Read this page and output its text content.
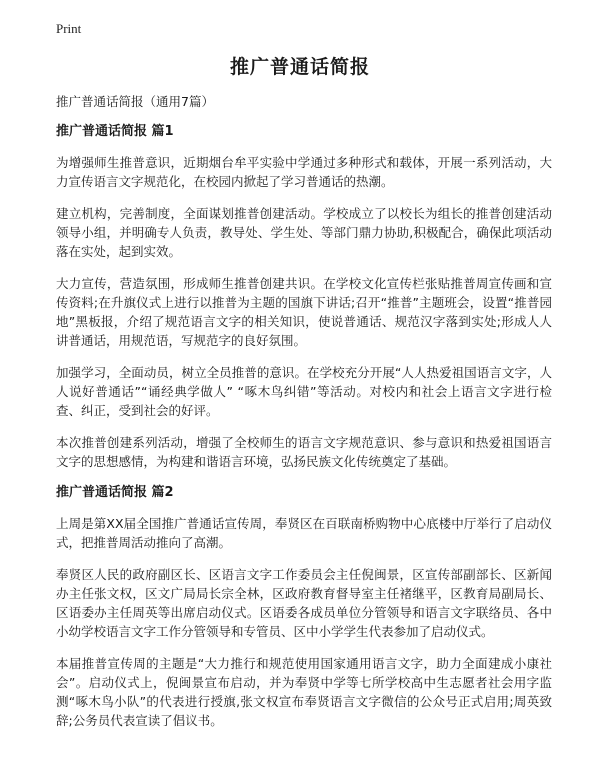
Print
推广普通话简报
推广普通话简报（通用7篇）
推广普通话简报 篇1

为增强师生推普意识，近期烟台牟平实验中学通过多种形式和载体，开展一系列活动，大力宣传语言文字规范化，在校园内掀起了学习普通话的热潮。

建立机构，完善制度，全面谋划推普创建活动。学校成立了以校长为组长的推普创建活动领导小组，并明确专人负责，教导处、学生处、等部门鼎力协助,积极配合，确保此项活动落在实处，起到实效。

大力宣传，营造氛围，形成师生推普创建共识。在学校文化宣传栏张贴推普周宣传画和宣传资料;在升旗仪式上进行以推普为主题的国旗下讲话;召开“推普”主题班会，设置“推普园地”黑板报，介绍了规范语言文字的相关知识，使说普通话、规范汉字落到实处;形成人人讲普通话，用规范语，写规范字的良好氛围。

加强学习，全面动员，树立全员推普的意识。在学校充分开展“人人热爱祖国语言文字，人人说好普通话”“诵经典学做人” “啄木鸟纠错”等活动。对校内和社会上语言文字进行检查、纠正，受到社会的好评。

本次推普创建系列活动，增强了全校师生的语言文字规范意识、参与意识和热爱祖国语言文字的思想感情，为构建和谐语言环境，弘扬民族文化传统奠定了基础。

推广普通话简报 篇2

上周是第XX届全国推广普通话宣传周，奉贤区在百联南桥购物中心底楼中厅举行了启动仪式，把推普周活动推向了高潮。

奉贤区人民的政府副区长、区语言文字工作委员会主任倪闽景，区宣传部副部长、区新闻办主任张文权，区文广局局长宗全林，区政府教育督导室主任褚继平，区教育局副局长、区语委办主任周英等出席启动仪式。区语委各成员单位分管领导和语言文字联络员、各中小幼学校语言文字工作分管领导和专管员、区中小学学生代表参加了启动仪式。

本届推普宣传周的主题是“大力推行和规范使用国家通用语言文字，助力全面建成小康社会”。启动仪式上，倪闽景宣布启动，并为奉贤中学等七所学校高中生志愿者社会用字监测“啄木鸟小队”的代表进行授旗,张文权宣布奉贤语言文字微信的公众号正式启用;周英致辞;公务员代表宣读了倡议书。
